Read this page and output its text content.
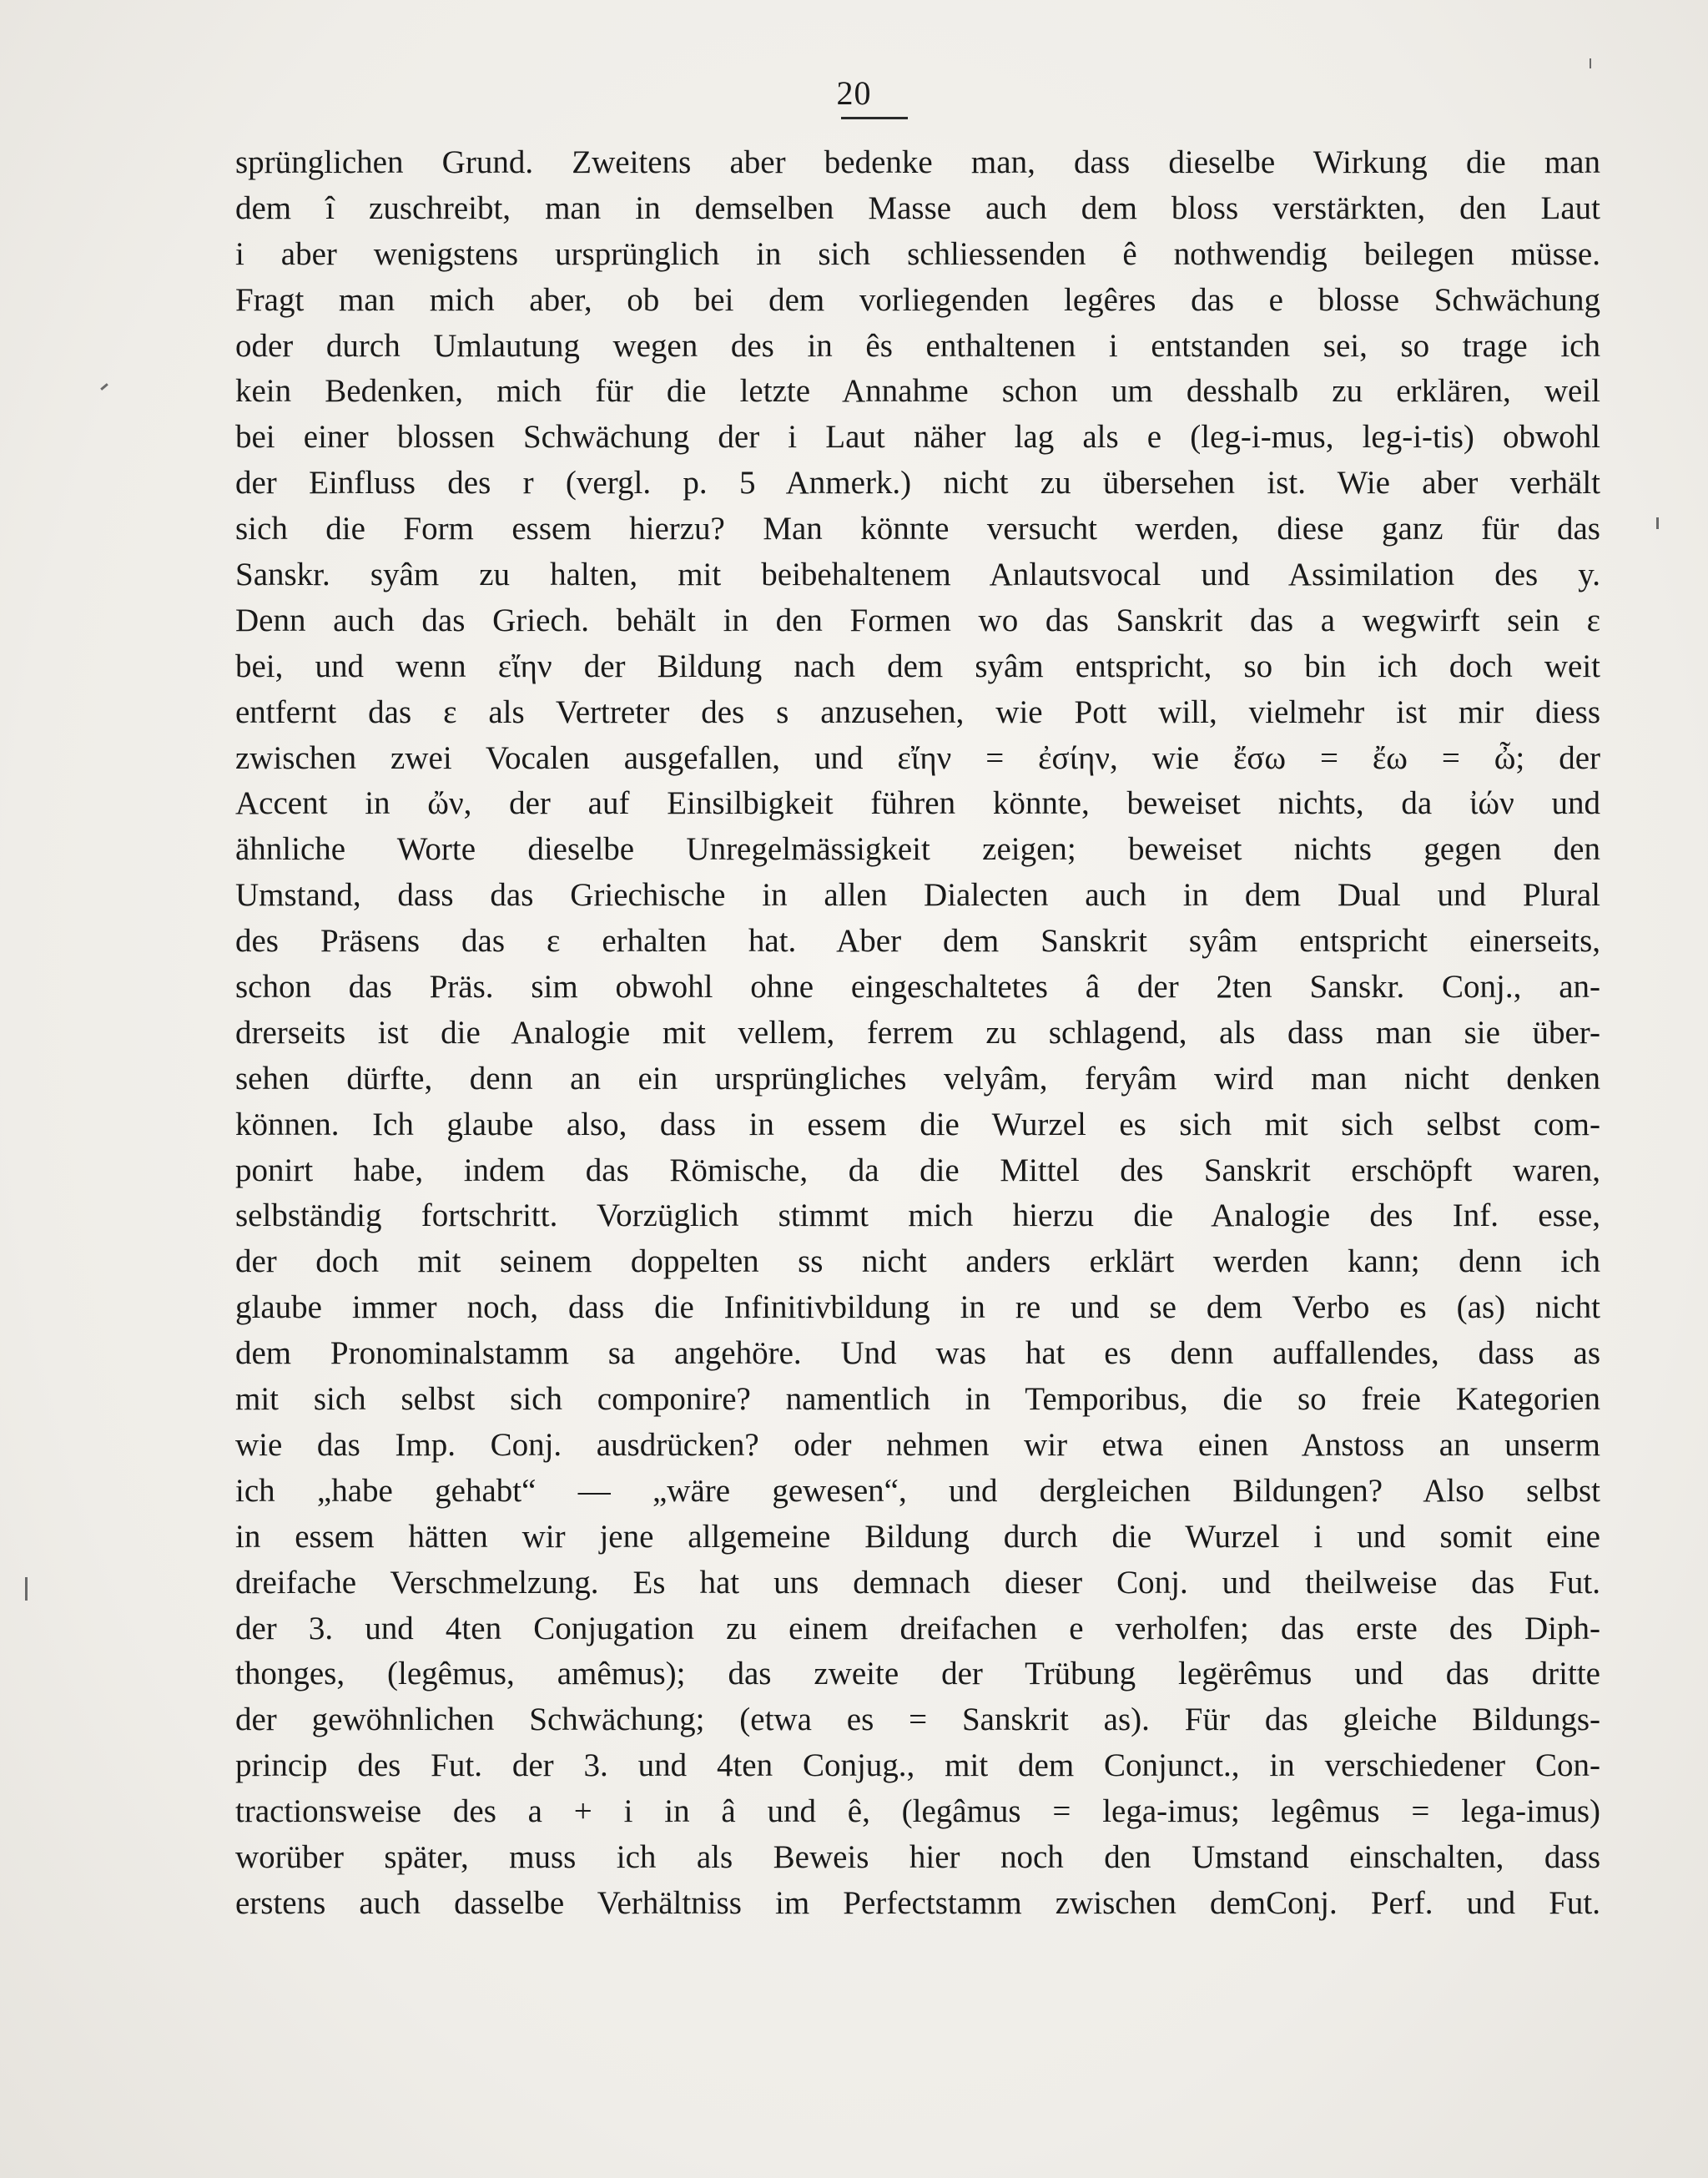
20
sprünglichen Grund. Zweitens aber bedenke man, dass dieselbe Wirkung die man
dem î zuschreibt, man in demselben Masse auch dem bloss verstärkten, den Laut
i aber wenigstens ursprünglich in sich schliessenden ê nothwendig beilegen müsse.
Fragt man mich aber, ob bei dem vorliegenden legêres das e blosse Schwächung
oder durch Umlautung wegen des in ês enthaltenen i entstanden sei, so trage ich
kein Bedenken, mich für die letzte Annahme schon um desshalb zu erklären, weil
bei einer blossen Schwächung der i Laut näher lag als e (leg-i-mus, leg-i-tis) obwohl
der Einfluss des r (vergl. p. 5 Anmerk.) nicht zu übersehen ist. Wie aber verhält
sich die Form essem hierzu? Man könnte versucht werden, diese ganz für das
Sanskr. syâm zu halten, mit beibehaltenem Anlautsvocal und Assimilation des y.
Denn auch das Griech. behält in den Formen wo das Sanskrit das a wegwirft sein ε
bei, und wenn εἴην der Bildung nach dem syâm entspricht, so bin ich doch weit
entfernt das ε als Vertreter des s anzusehen, wie Pott will, vielmehr ist mir diess
zwischen zwei Vocalen ausgefallen, und εἴην = ἐσίην, wie ἔσω = ἔω = ὦ; der
Accent in ὤν, der auf Einsilbigkeit führen könnte, beweiset nichts, da ἰών und
ähnliche Worte dieselbe Unregelmässigkeit zeigen; beweiset nichts gegen den
Umstand, dass das Griechische in allen Dialecten auch in dem Dual und Plural
des Präsens das ε erhalten hat. Aber dem Sanskrit syâm entspricht einerseits,
schon das Präs. sim obwohl ohne eingeschaltetes â der 2ten Sanskr. Conj., an-
drerseits ist die Analogie mit vellem, ferrem zu schlagend, als dass man sie über-
sehen dürfte, denn an ein ursprüngliches velyâm, feryâm wird man nicht denken
können. Ich glaube also, dass in essem die Wurzel es sich mit sich selbst com-
ponirt habe, indem das Römische, da die Mittel des Sanskrit erschöpft waren,
selbständig fortschritt. Vorzüglich stimmt mich hierzu die Analogie des Inf. esse,
der doch mit seinem doppelten ss nicht anders erklärt werden kann; denn ich
glaube immer noch, dass die Infinitivbildung in re und se dem Verbo es (as) nicht
dem Pronominalstamm sa angehöre. Und was hat es denn auffallendes, dass as
mit sich selbst sich componire? namentlich in Temporibus, die so freie Kategorien
wie das Imp. Conj. ausdrücken? oder nehmen wir etwa einen Anstoss an unserm
ich „habe gehabt“ — „wäre gewesen“, und dergleichen Bildungen? Also selbst
in essem hätten wir jene allgemeine Bildung durch die Wurzel i und somit eine
dreifache Verschmelzung. Es hat uns demnach dieser Conj. und theilweise das Fut.
der 3. und 4ten Conjugation zu einem dreifachen e verholfen; das erste des Diph-
thonges, (legêmus, amêmus); das zweite der Trübung legërêmus und das dritte
der gewöhnlichen Schwächung; (etwa es = Sanskrit as). Für das gleiche Bildungs-
princip des Fut. der 3. und 4ten Conjug., mit dem Conjunct., in verschiedener Con-
tractionsweise des a + i in â und ê, (legâmus = lega-imus; legêmus = lega-imus)
worüber später, muss ich als Beweis hier noch den Umstand einschalten, dass
erstens auch dasselbe Verhältniss im Perfectstamm zwischen demConj. Perf. und Fut.
